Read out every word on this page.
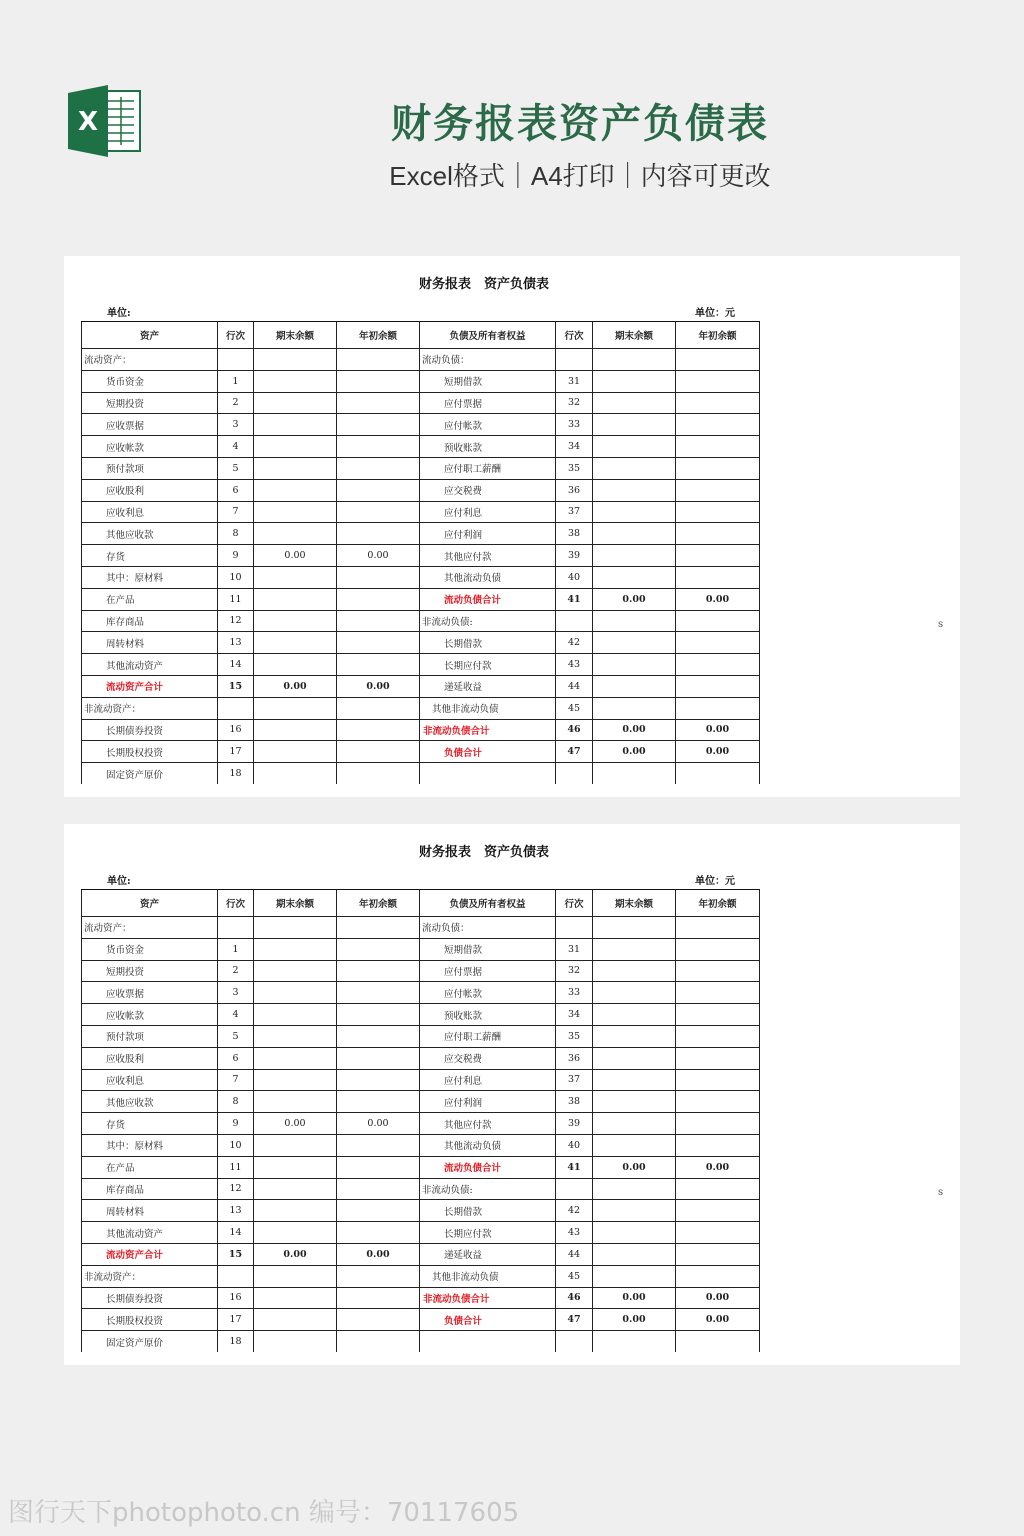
X	财务报表资产负债表
Excel格式｜A4打印｜内容可更改
财务报表　资产负债表
单位:	单位：元
s
资产	行次	期末余额	年初余额	负债及所有者权益	行次	期末余额	年初余额
流动资产：				流动负债：			
货币资金	1			短期借款	31		
短期投资	2			应付票据	32		
应收票据	3			应付帐款	33		
应收帐款	4			预收账款	34		
预付款项	5			应付职工薪酬	35		
应收股利	6			应交税费	36		
应收利息	7			应付利息	37		
其他应收款	8			应付利润	38		
存货	9	0.00	0.00	其他应付款	39		
其中：原材料	10			其他流动负债	40		
在产品	11			流动负债合计	41	0.00	0.00
库存商品	12			非流动负债:			
周转材料	13			长期借款	42		
其他流动资产	14			长期应付款	43		
流动资产合计	15	0.00	0.00	递延收益	44		
非流动资产：				其他非流动负债	45		
长期债券投资	16			非流动负债合计	46	0.00	0.00
长期股权投资	17			负债合计	47	0.00	0.00
固定资产原价	18						
财务报表　资产负债表
单位:	单位：元
s
资产	行次	期末余额	年初余额	负债及所有者权益	行次	期末余额	年初余额
流动资产：				流动负债：			
货币资金	1			短期借款	31		
短期投资	2			应付票据	32		
应收票据	3			应付帐款	33		
应收帐款	4			预收账款	34		
预付款项	5			应付职工薪酬	35		
应收股利	6			应交税费	36		
应收利息	7			应付利息	37		
其他应收款	8			应付利润	38		
存货	9	0.00	0.00	其他应付款	39		
其中：原材料	10			其他流动负债	40		
在产品	11			流动负债合计	41	0.00	0.00
库存商品	12			非流动负债:			
周转材料	13			长期借款	42		
其他流动资产	14			长期应付款	43		
流动资产合计	15	0.00	0.00	递延收益	44		
非流动资产：				其他非流动负债	45		
长期债券投资	16			非流动负债合计	46	0.00	0.00
长期股权投资	17			负债合计	47	0.00	0.00
固定资产原价	18						
图行天下photophoto.cn 编号：70117605
